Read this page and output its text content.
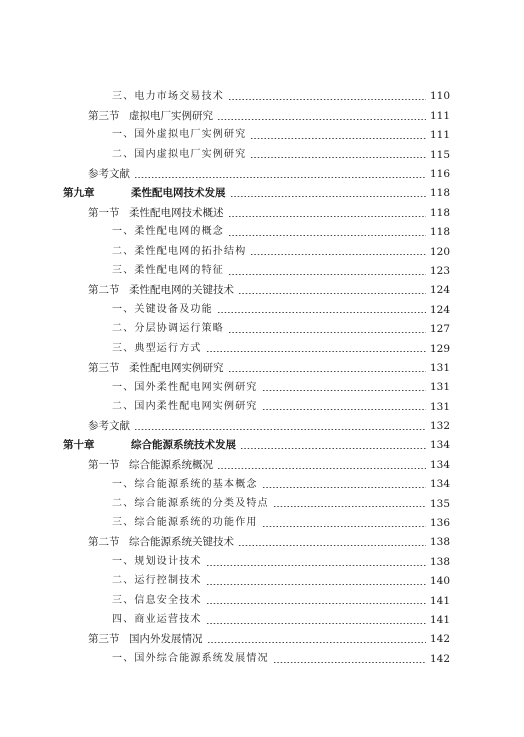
三、电力市场交易技术	110
第三节 虚拟电厂实例研究	111
一、国外虚拟电厂实例研究	111
二、国内虚拟电厂实例研究	115
参考文献	116
第九章	柔性配电网技术发展	118
第一节 柔性配电网技术概述	118
一、柔性配电网的概念	118
二、柔性配电网的拓扑结构	120
三、柔性配电网的特征	123
第二节 柔性配电网的关键技术	124
一、关键设备及功能	124
二、分层协调运行策略	127
三、典型运行方式	129
第三节 柔性配电网实例研究	131
一、国外柔性配电网实例研究	131
二、国内柔性配电网实例研究	131
参考文献	132
第十章	综合能源系统技术发展	134
第一节 综合能源系统概况	134
一、综合能源系统的基本概念	134
二、综合能源系统的分类及特点	135
三、综合能源系统的功能作用	136
第二节 综合能源系统关键技术	138
一、规划设计技术	138
二、运行控制技术	140
三、信息安全技术	141
四、商业运营技术	141
第三节 国内外发展情况	142
一、国外综合能源系统发展情况	142
